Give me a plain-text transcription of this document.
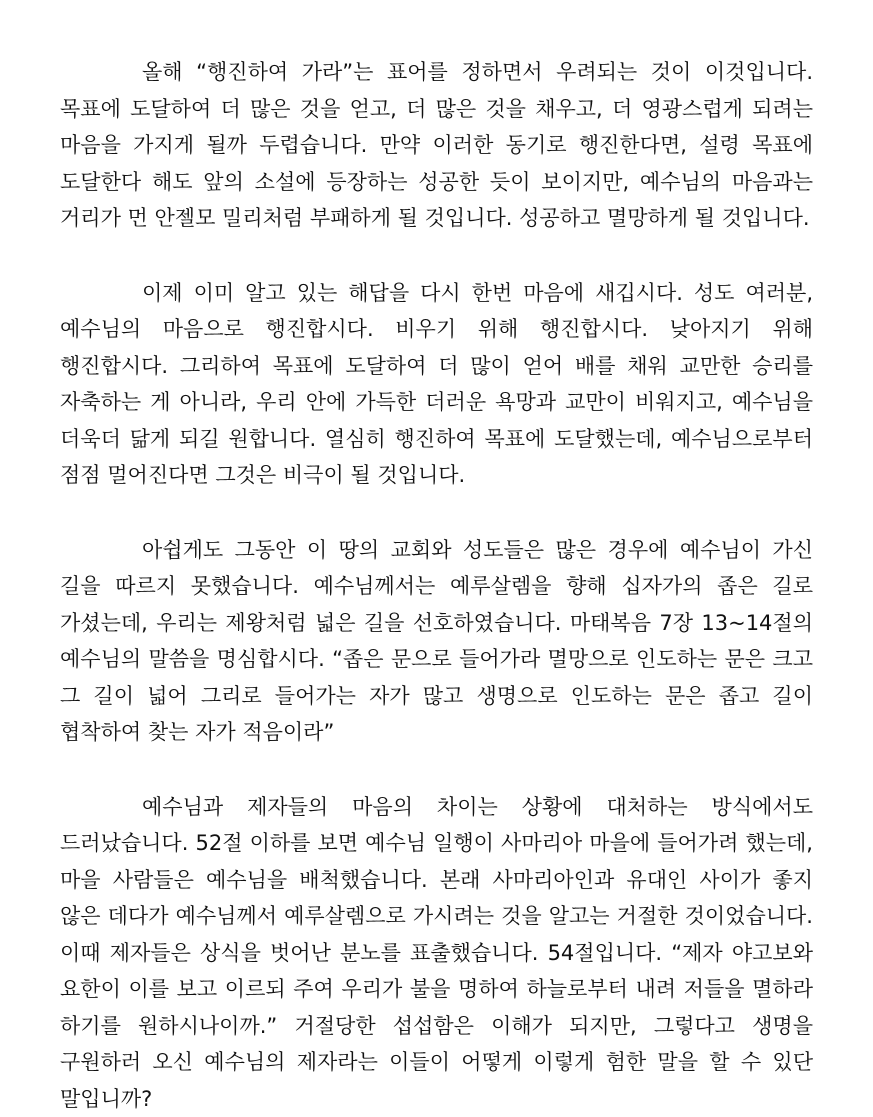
올해 “행진하여 가라”는 표어를 정하면서 우려되는 것이 이것입니다. 목표에 도달하여 더 많은 것을 얻고, 더 많은 것을 채우고, 더 영광스럽게 되려는 마음을 가지게 될까 두렵습니다. 만약 이러한 동기로 행진한다면, 설령 목표에 도달한다 해도 앞의 소설에 등장하는 성공한 듯이 보이지만, 예수님의 마음과는 거리가 먼 안젤모 밀리처럼 부패하게 될 것입니다. 성공하고 멸망하게 될 것입니다.

이제 이미 알고 있는 해답을 다시 한번 마음에 새깁시다. 성도 여러분, 예수님의 마음으로 행진합시다. 비우기 위해 행진합시다. 낮아지기 위해 행진합시다. 그리하여 목표에 도달하여 더 많이 얻어 배를 채워 교만한 승리를 자축하는 게 아니라, 우리 안에 가득한 더러운 욕망과 교만이 비워지고, 예수님을 더욱더 닮게 되길 원합니다. 열심히 행진하여 목표에 도달했는데, 예수님으로부터 점점 멀어진다면 그것은 비극이 될 것입니다.

아쉽게도 그동안 이 땅의 교회와 성도들은 많은 경우에 예수님이 가신 길을 따르지 못했습니다. 예수님께서는 예루살렘을 향해 십자가의 좁은 길로 가셨는데, 우리는 제왕처럼 넓은 길을 선호하였습니다. 마태복음 7장 13~14절의 예수님의 말씀을 명심합시다. “좁은 문으로 들어가라 멸망으로 인도하는 문은 크고 그 길이 넓어 그리로 들어가는 자가 많고 생명으로 인도하는 문은 좁고 길이 협착하여 찾는 자가 적음이라”

예수님과 제자들의 마음의 차이는 상황에 대처하는 방식에서도 드러났습니다. 52절 이하를 보면 예수님 일행이 사마리아 마을에 들어가려 했는데, 마을 사람들은 예수님을 배척했습니다. 본래 사마리아인과 유대인 사이가 좋지 않은 데다가 예수님께서 예루살렘으로 가시려는 것을 알고는 거절한 것이었습니다. 이때 제자들은 상식을 벗어난 분노를 표출했습니다. 54절입니다. “제자 야고보와 요한이 이를 보고 이르되 주여 우리가 불을 명하여 하늘로부터 내려 저들을 멸하라 하기를 원하시나이까.” 거절당한 섭섭함은 이해가 되지만, 그렇다고 생명을 구원하러 오신 예수님의 제자라는 이들이 어떻게 이렇게 험한 말을 할 수 있단 말입니까?
